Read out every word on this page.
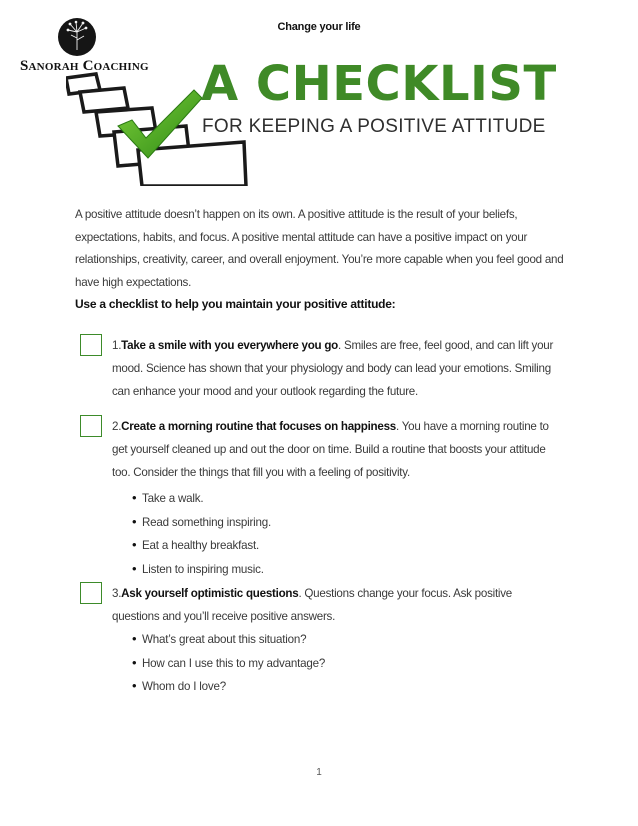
Change your life
Sanorah Coaching A CHECKLIST
FOR KEEPING A POSITIVE ATTITUDE

A positive attitude doesn’t happen on its own. A positive attitude is the result of your beliefs, expectations, habits, and focus. A positive mental attitude can have a positive impact on your relationships, creativity, career, and overall enjoyment. You’re more capable when you feel good and have high expectations.

Use a checklist to help you maintain your positive attitude:

1.Take a smile with you everywhere you go. Smiles are free, feel good, and can lift your mood. Science has shown that your physiology and body can lead your emotions. Smiling can enhance your mood and your outlook regarding the future.

2.Create a morning routine that focuses on happiness. You have a morning routine to get yourself cleaned up and out the door on time. Build a routine that boosts your attitude too. Consider the things that fill you with a feeling of positivity.

• Take a walk.
• Read something inspiring.
• Eat a healthy breakfast.
• Listen to inspiring music.

3.Ask yourself optimistic questions. Questions change your focus. Ask positive questions and you’ll receive positive answers.

• What’s great about this situation?
• How can I use this to my advantage?
• Whom do I love?
1
